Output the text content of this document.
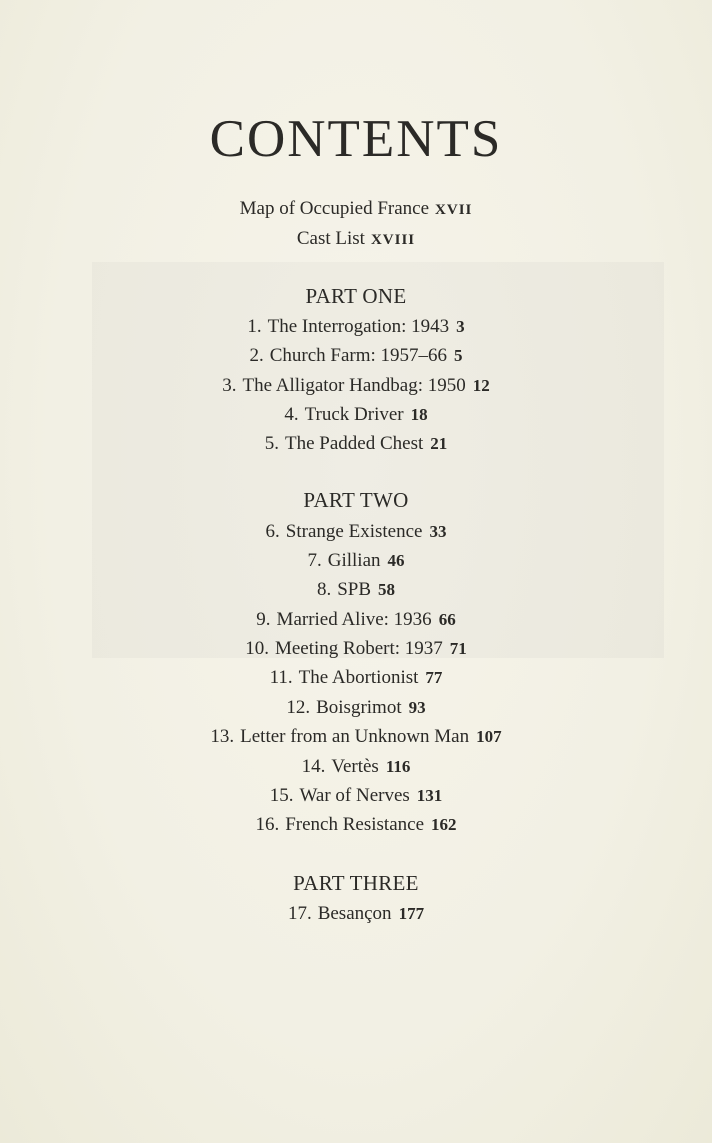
CONTENTS
Map of Occupied France XVII
Cast List XVIII
PART ONE
1. The Interrogation: 1943 3
2. Church Farm: 1957–66 5
3. The Alligator Handbag: 1950 12
4. Truck Driver 18
5. The Padded Chest 21
PART TWO
6. Strange Existence 33
7. Gillian 46
8. SPB 58
9. Married Alive: 1936 66
10. Meeting Robert: 1937 71
11. The Abortionist 77
12. Boisgrimot 93
13. Letter from an Unknown Man 107
14. Vertès 116
15. War of Nerves 131
16. French Resistance 162
PART THREE
17. Besançon 177
